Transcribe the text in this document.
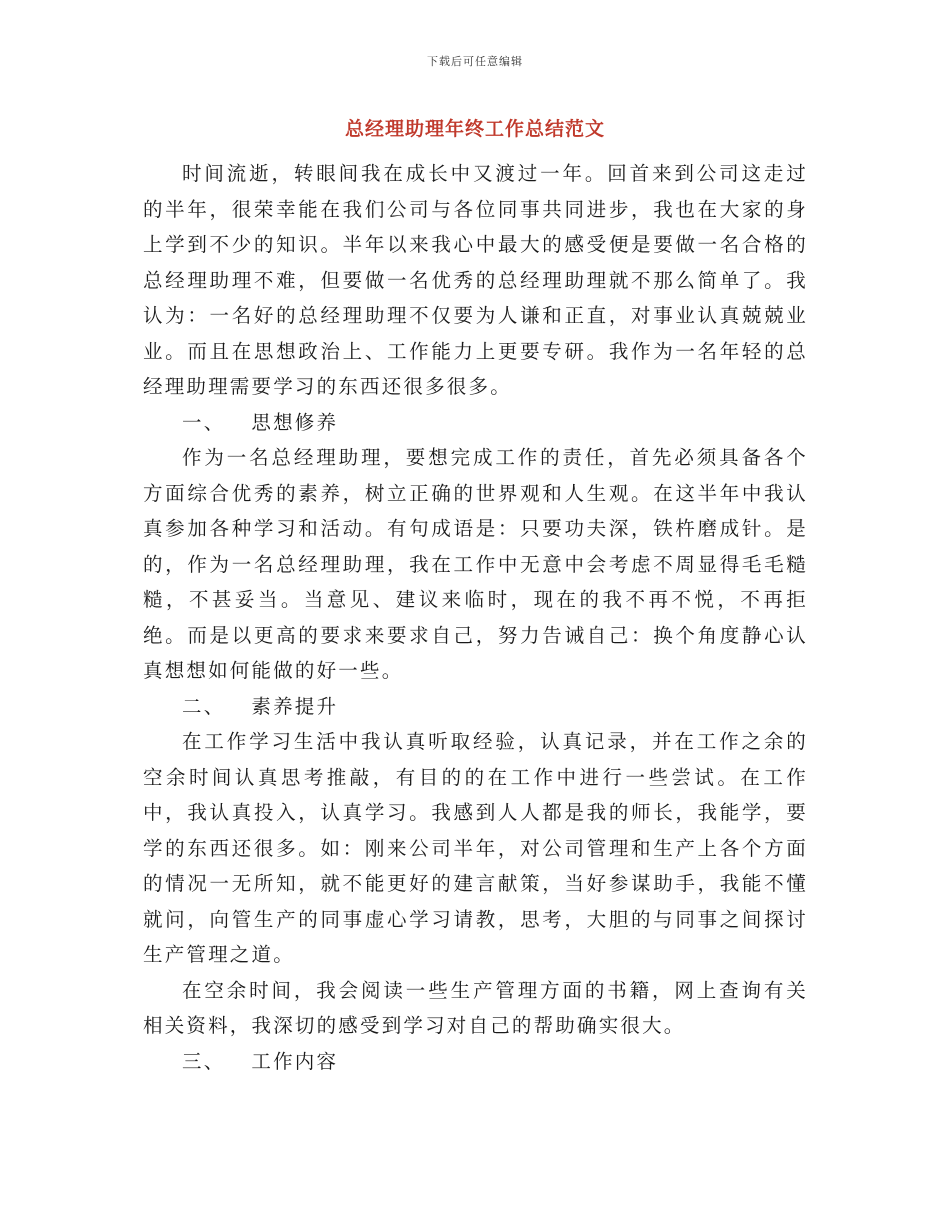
下载后可任意编辑
总经理助理年终工作总结范文

时间流逝，转眼间我在成长中又渡过一年。回首来到公司这走过的半年，很荣幸能在我们公司与各位同事共同进步，我也在大家的身上学到不少的知识。半年以来我心中最大的感受便是要做一名合格的总经理助理不难，但要做一名优秀的总经理助理就不那么简单了。我认为：一名好的总经理助理不仅要为人谦和正直，对事业认真兢兢业业。而且在思想政治上、工作能力上更要专研。我作为一名年轻的总经理助理需要学习的东西还很多很多。

一、 思想修养

作为一名总经理助理，要想完成工作的责任，首先必须具备各个方面综合优秀的素养，树立正确的世界观和人生观。在这半年中我认真参加各种学习和活动。有句成语是：只要功夫深，铁杵磨成针。是的，作为一名总经理助理，我在工作中无意中会考虑不周显得毛毛糙糙，不甚妥当。当意见、建议来临时，现在的我不再不悦，不再拒绝。而是以更高的要求来要求自己，努力告诫自己：换个角度静心认真想想如何能做的好一些。

二、 素养提升

在工作学习生活中我认真听取经验，认真记录，并在工作之余的空余时间认真思考推敲，有目的的在工作中进行一些尝试。在工作中，我认真投入，认真学习。我感到人人都是我的师长，我能学，要学的东西还很多。如：刚来公司半年，对公司管理和生产上各个方面的情况一无所知，就不能更好的建言献策，当好参谋助手，我能不懂就问，向管生产的同事虚心学习请教，思考，大胆的与同事之间探讨生产管理之道。

在空余时间，我会阅读一些生产管理方面的书籍，网上查询有关相关资料，我深切的感受到学习对自己的帮助确实很大。

三、 工作内容
